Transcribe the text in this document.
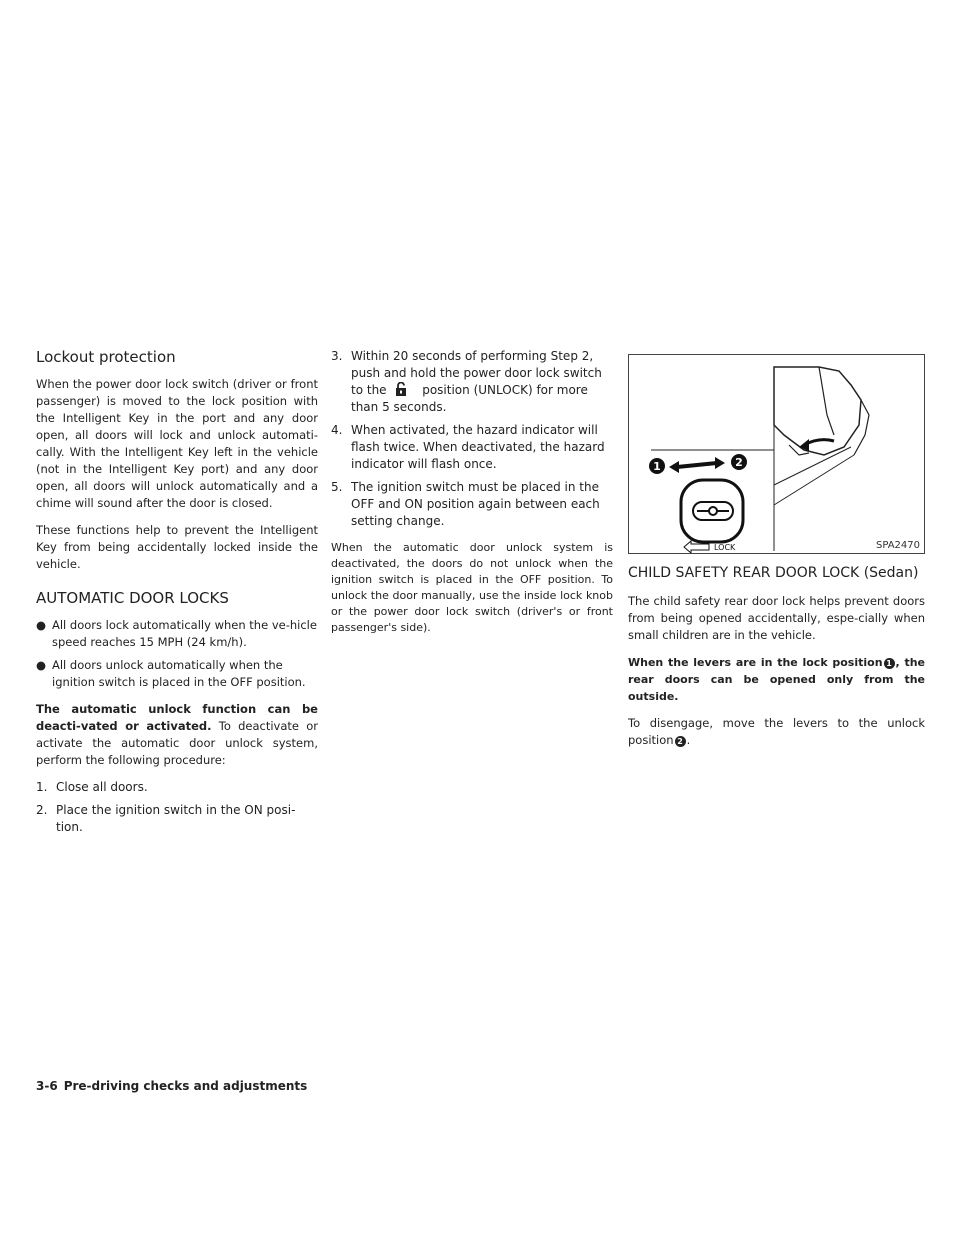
Lockout protection

When the power door lock switch (driver or front passenger) is moved to the lock position with the Intelligent Key in the port and any door open, all doors will lock and unlock automati-cally. With the Intelligent Key left in the vehicle (not in the Intelligent Key port) and any door open, all doors will unlock automatically and a chime will sound after the door is closed.

These functions help to prevent the Intelligent Key from being accidentally locked inside the vehicle.

AUTOMATIC DOOR LOCKS
● All doors lock automatically when the ve-hicle speed reaches 15 MPH (24 km/h).
● All doors unlock automatically when the ignition switch is placed in the OFF position.

The automatic unlock function can be deacti-vated or activated. To deactivate or activate the automatic door unlock system, perform the following procedure:

1. Close all doors.
2. Place the ignition switch in the ON posi-tion.
3. Within 20 seconds of performing Step 2, push and hold the power door lock switch to the	position (UNLOCK) for more than 5 seconds.
4. When activated, the hazard indicator will flash twice. When deactivated, the hazard indicator will flash once.
5. The ignition switch must be placed in the OFF and ON position again between each setting change.

When the automatic door unlock system is deactivated, the doors do not unlock when the ignition switch is placed in the OFF position. To unlock the door manually, use the inside lock knob or the power door lock switch (driver's or front passenger's side).

1	2
LOCK	SPA2470
CHILD SAFETY REAR DOOR LOCK (Sedan)

The child safety rear door lock helps prevent doors from being opened accidentally, espe-cially when small children are in the vehicle.

When the levers are in the lock position 1 , the rear doors can be opened only from the outside.

To disengage, move the levers to the unlock position 2 .

3-6 Pre-driving checks and adjustments
